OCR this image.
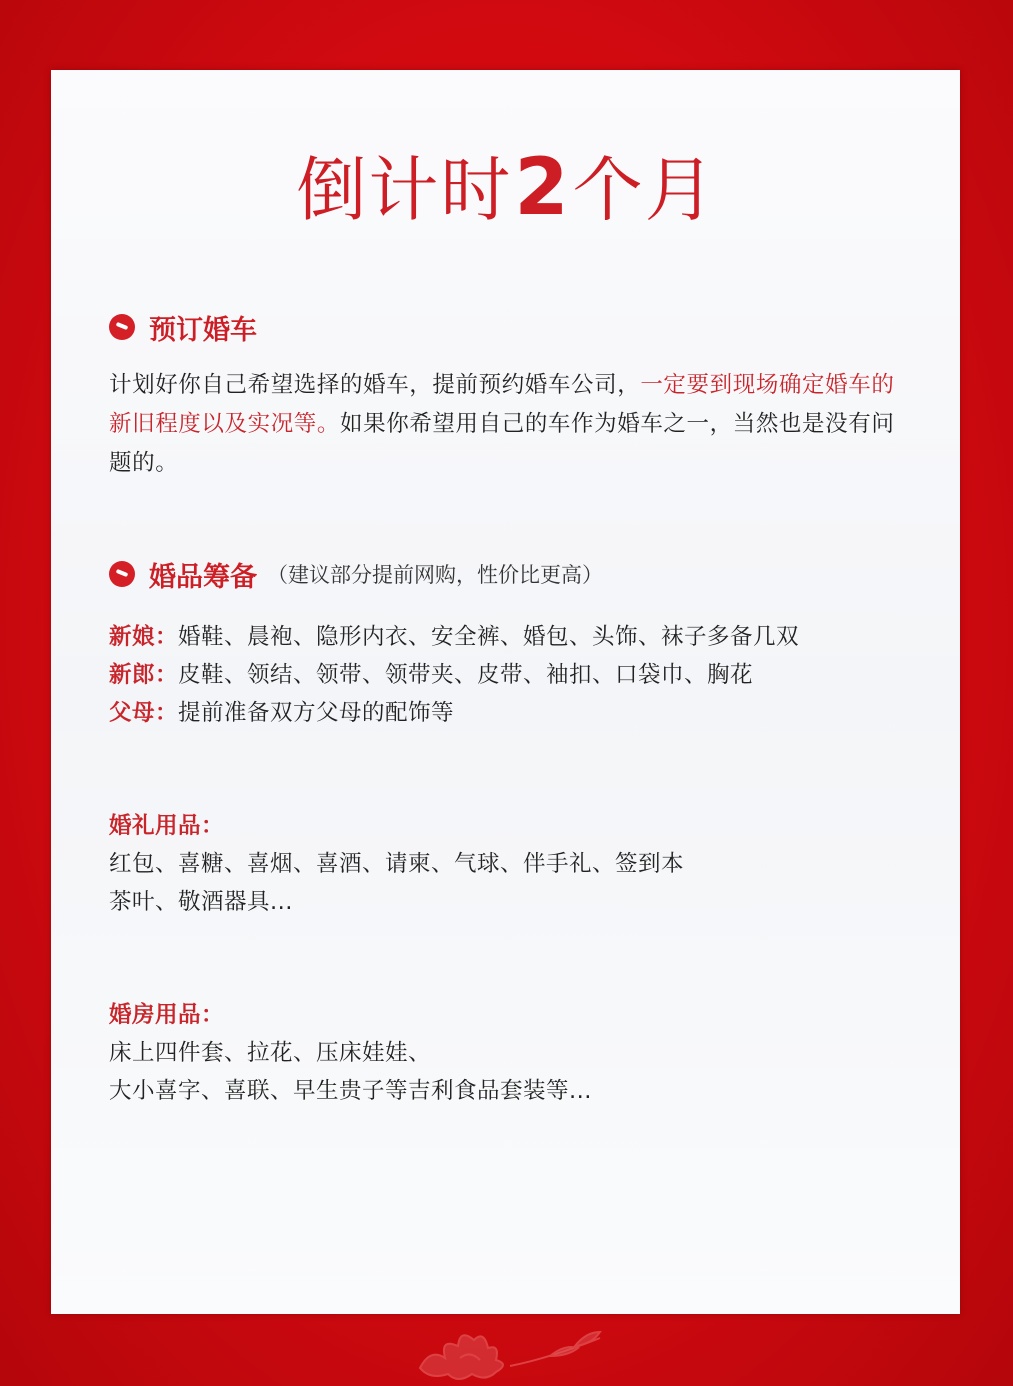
倒计时2个月
预订婚车
计划好你自己希望选择的婚车，提前预约婚车公司，一定要到现场确定婚车的新旧程度以及实况等。如果你希望用自己的车作为婚车之一，当然也是没有问题的。
婚品筹备 （建议部分提前网购，性价比更高）
新娘：婚鞋、晨袍、隐形内衣、安全裤、婚包、头饰、袜子多备几双
新郎：皮鞋、领结、领带、领带夹、皮带、袖扣、口袋巾、胸花
父母：提前准备双方父母的配饰等
婚礼用品：
红包、喜糖、喜烟、喜酒、请柬、气球、伴手礼、签到本
茶叶、敬酒器具...
婚房用品：
床上四件套、拉花、压床娃娃、
大小喜字、喜联、早生贵子等吉利食品套装等...
